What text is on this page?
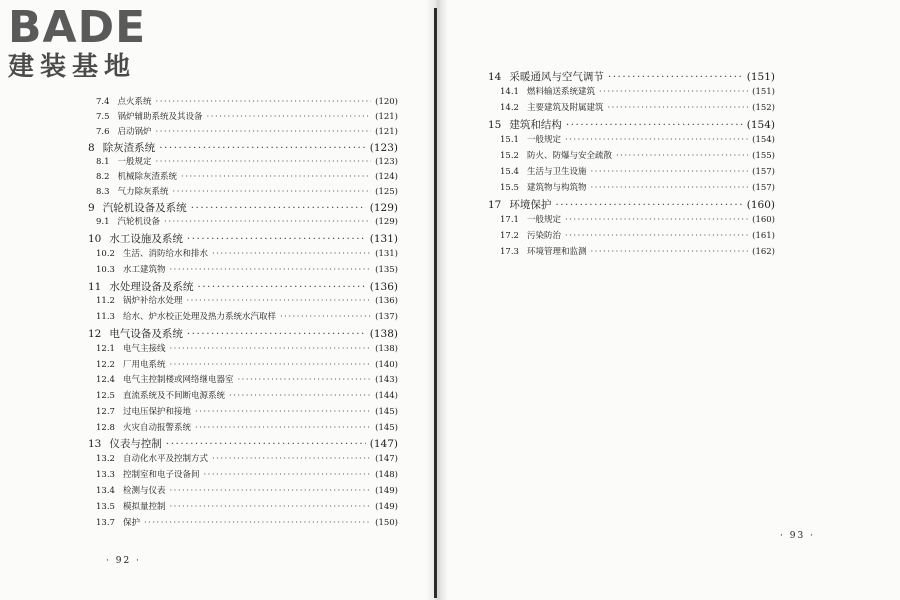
BADE
建装基地
7.4 点火系统 ·····	(120)
7.5 锅炉辅助系统及其设备 ·····	(121)
7.6 启动锅炉 ·····	(121)
8 除灰渣系统 ·····	(123)
8.1 一般规定 ·····	(123)
8.2 机械除灰渣系统 ·····	(124)
8.3 气力除灰系统 ·····	(125)
9 汽轮机设备及系统 ·····	(129)
9.1 汽轮机设备 ·····	(129)
10 水工设施及系统 ·····	(131)
10.2 生活、消防给水和排水 ·····	(131)
10.3 水工建筑物 ·····	(135)
11 水处理设备及系统 ·····	(136)
11.2 锅炉补给水处理 ·····	(136)
11.3 给水、炉水校正处理及热力系统水汽取样 ·····	(137)
12 电气设备及系统 ·····	(138)
12.1 电气主接线 ·····	(138)
12.2 厂用电系统 ·····	(140)
12.4 电气主控制楼或网络继电器室 ·····	(143)
12.5 直流系统及不间断电源系统 ·····	(144)
12.7 过电压保护和接地 ·····	(145)
12.8 火灾自动报警系统 ·····	(145)
13 仪表与控制 ·····	(147)
13.2 自动化水平及控制方式 ·····	(147)
13.3 控制室和电子设备间 ·····	(148)
13.4 检测与仪表 ·····	(149)
13.5 模拟量控制 ·····	(149)
13.7 保护 ·····	(150)
14 采暖通风与空气调节 ·····	(151)
14.1 燃料输送系统建筑 ·····	(151)
14.2 主要建筑及附属建筑 ·····	(152)
15 建筑和结构 ·····	(154)
15.1 一般规定 ·····	(154)
15.2 防火、防爆与安全疏散 ·····	(155)
15.4 生活与卫生设施 ·····	(157)
15.5 建筑物与构筑物 ·····	(157)
17 环境保护 ·····	(160)
17.1 一般规定 ·····	(160)
17.2 污染防治 ·····	(161)
17.3 环境管理和监测 ·····	(162)
· 92 ·
· 93 ·
